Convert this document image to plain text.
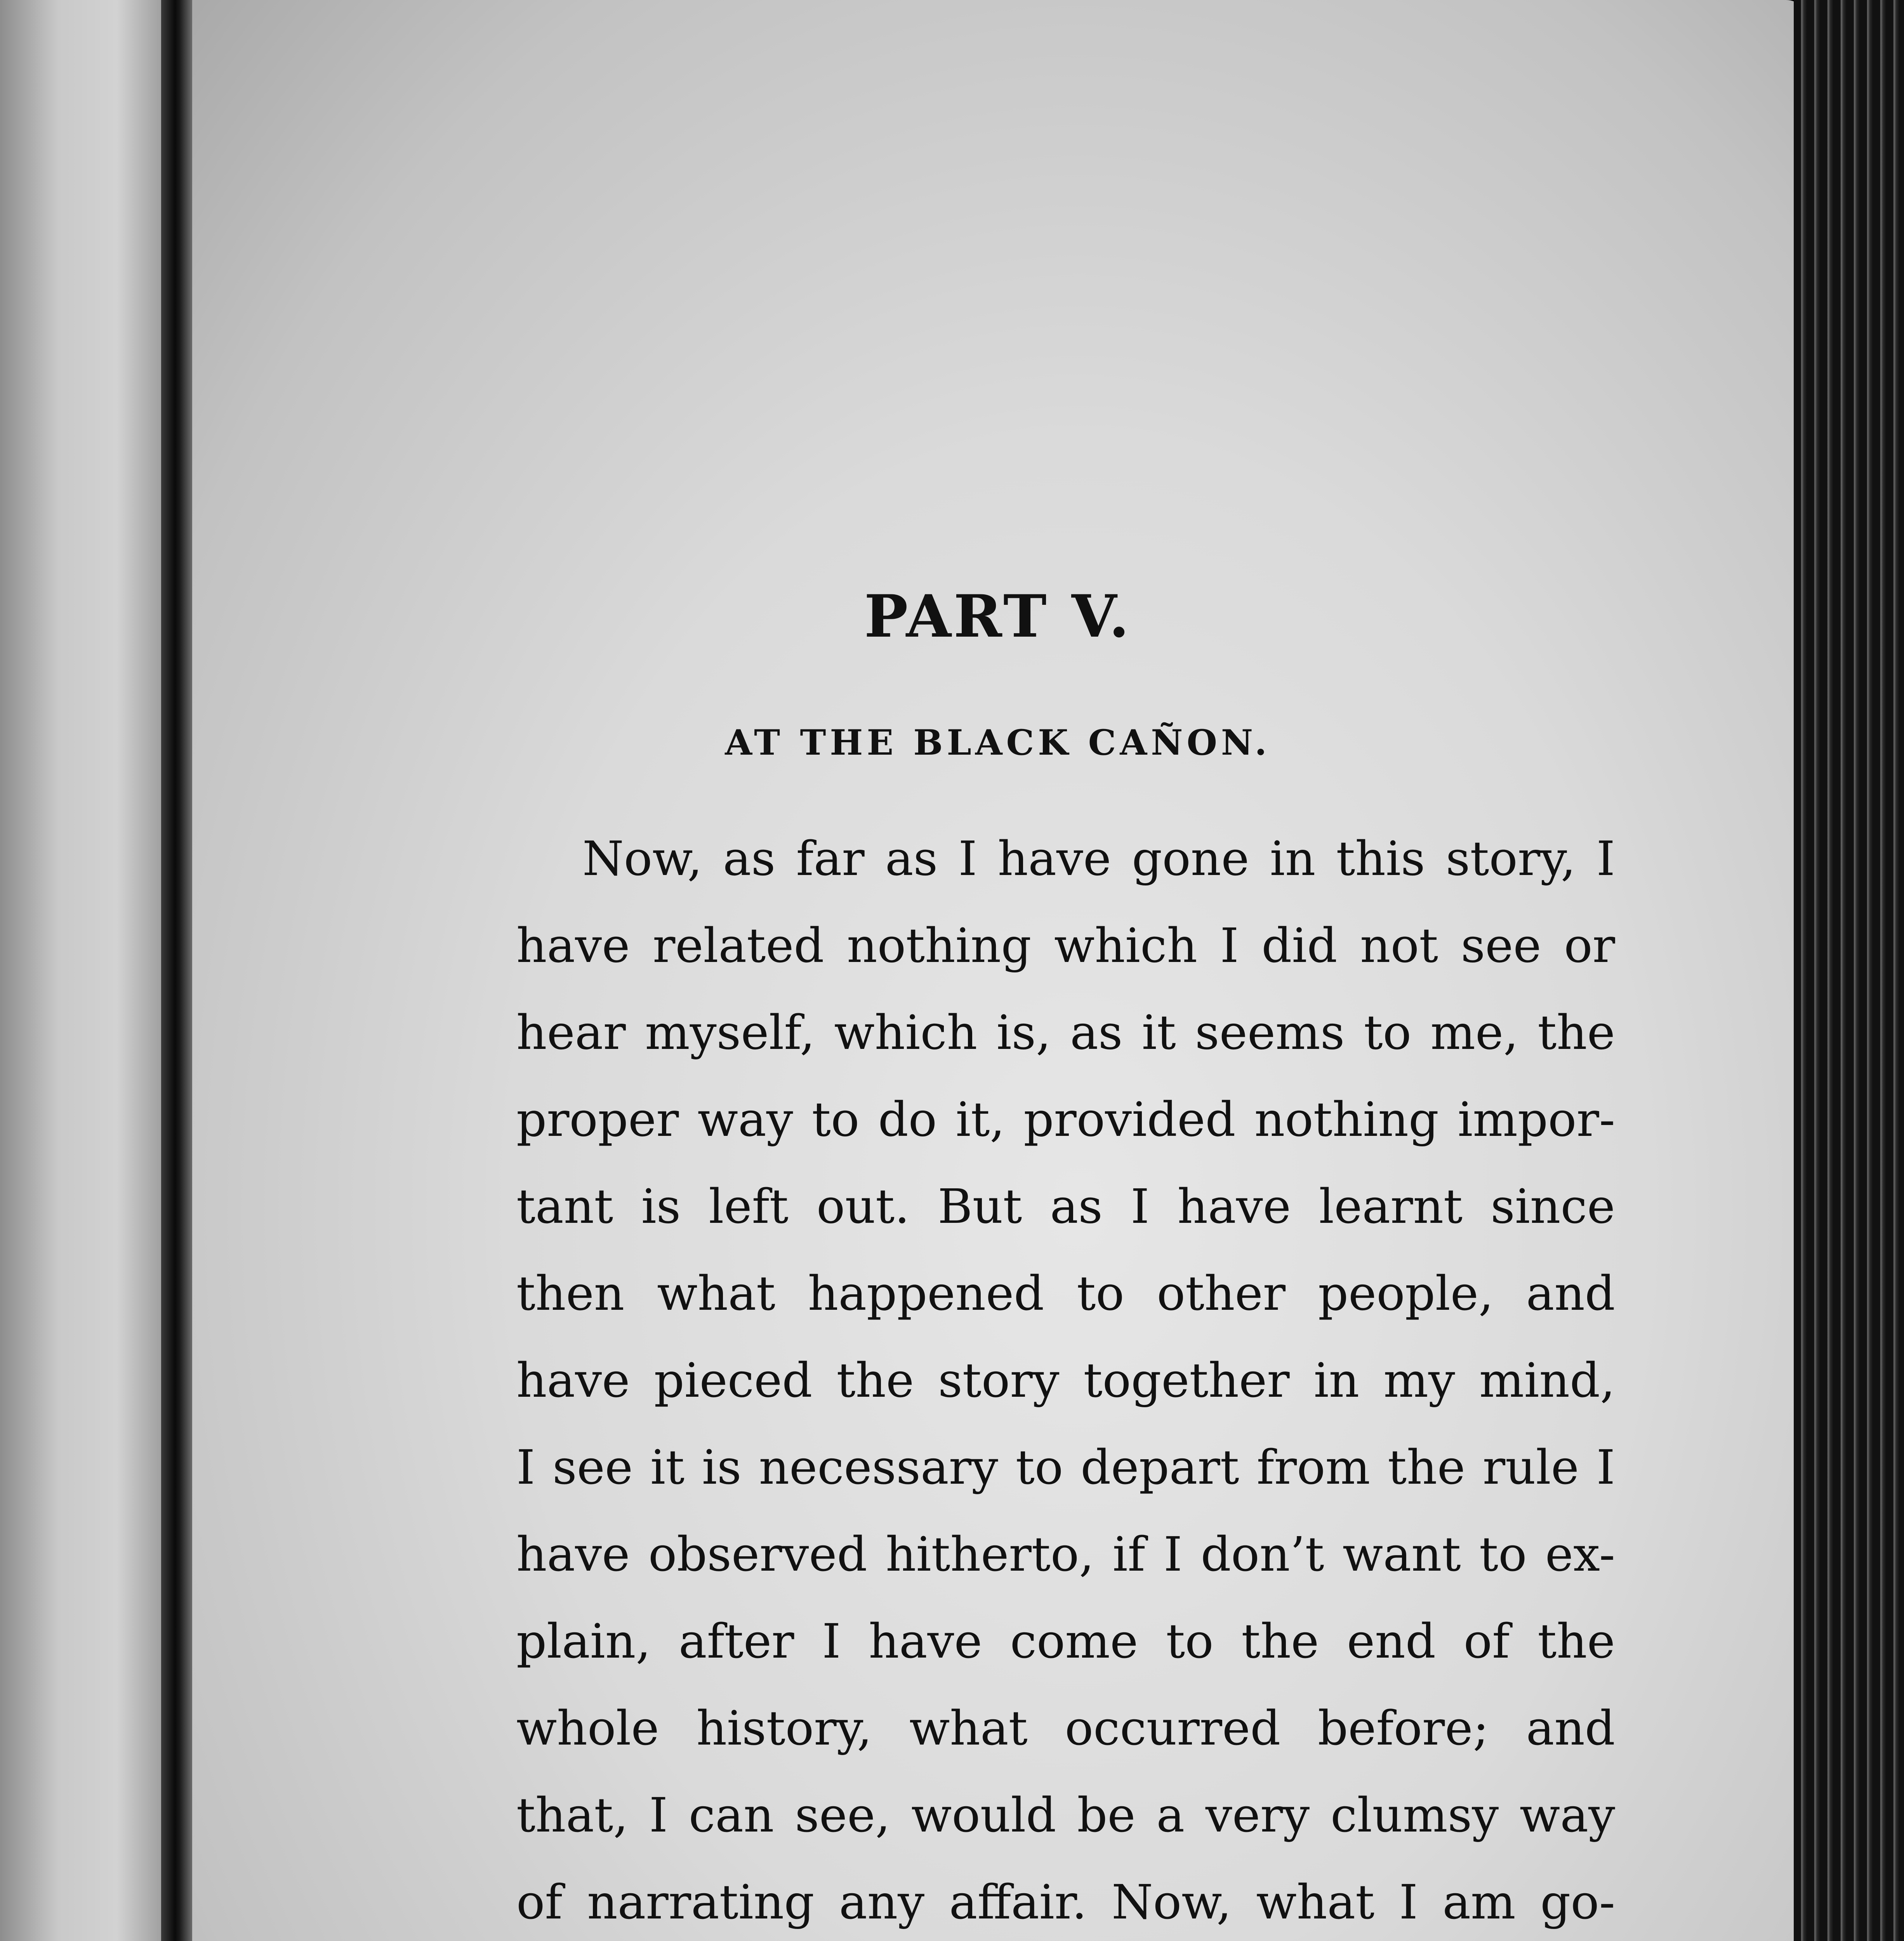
PART V.
AT THE BLACK CAÑON.
Now, as far as I have gone in this story, I
have related nothing which I did not see or
hear myself, which is, as it seems to me, the
proper way to do it, provided nothing impor-
tant is left out. But as I have learnt since
then what happened to other people, and
have pieced the story together in my mind,
I see it is necessary to depart from the rule I
have observed hitherto, if I don’t want to ex-
plain, after I have come to the end of the
whole history, what occurred before; and
that, I can see, would be a very clumsy way
of narrating any affair. Now, what I am go-
